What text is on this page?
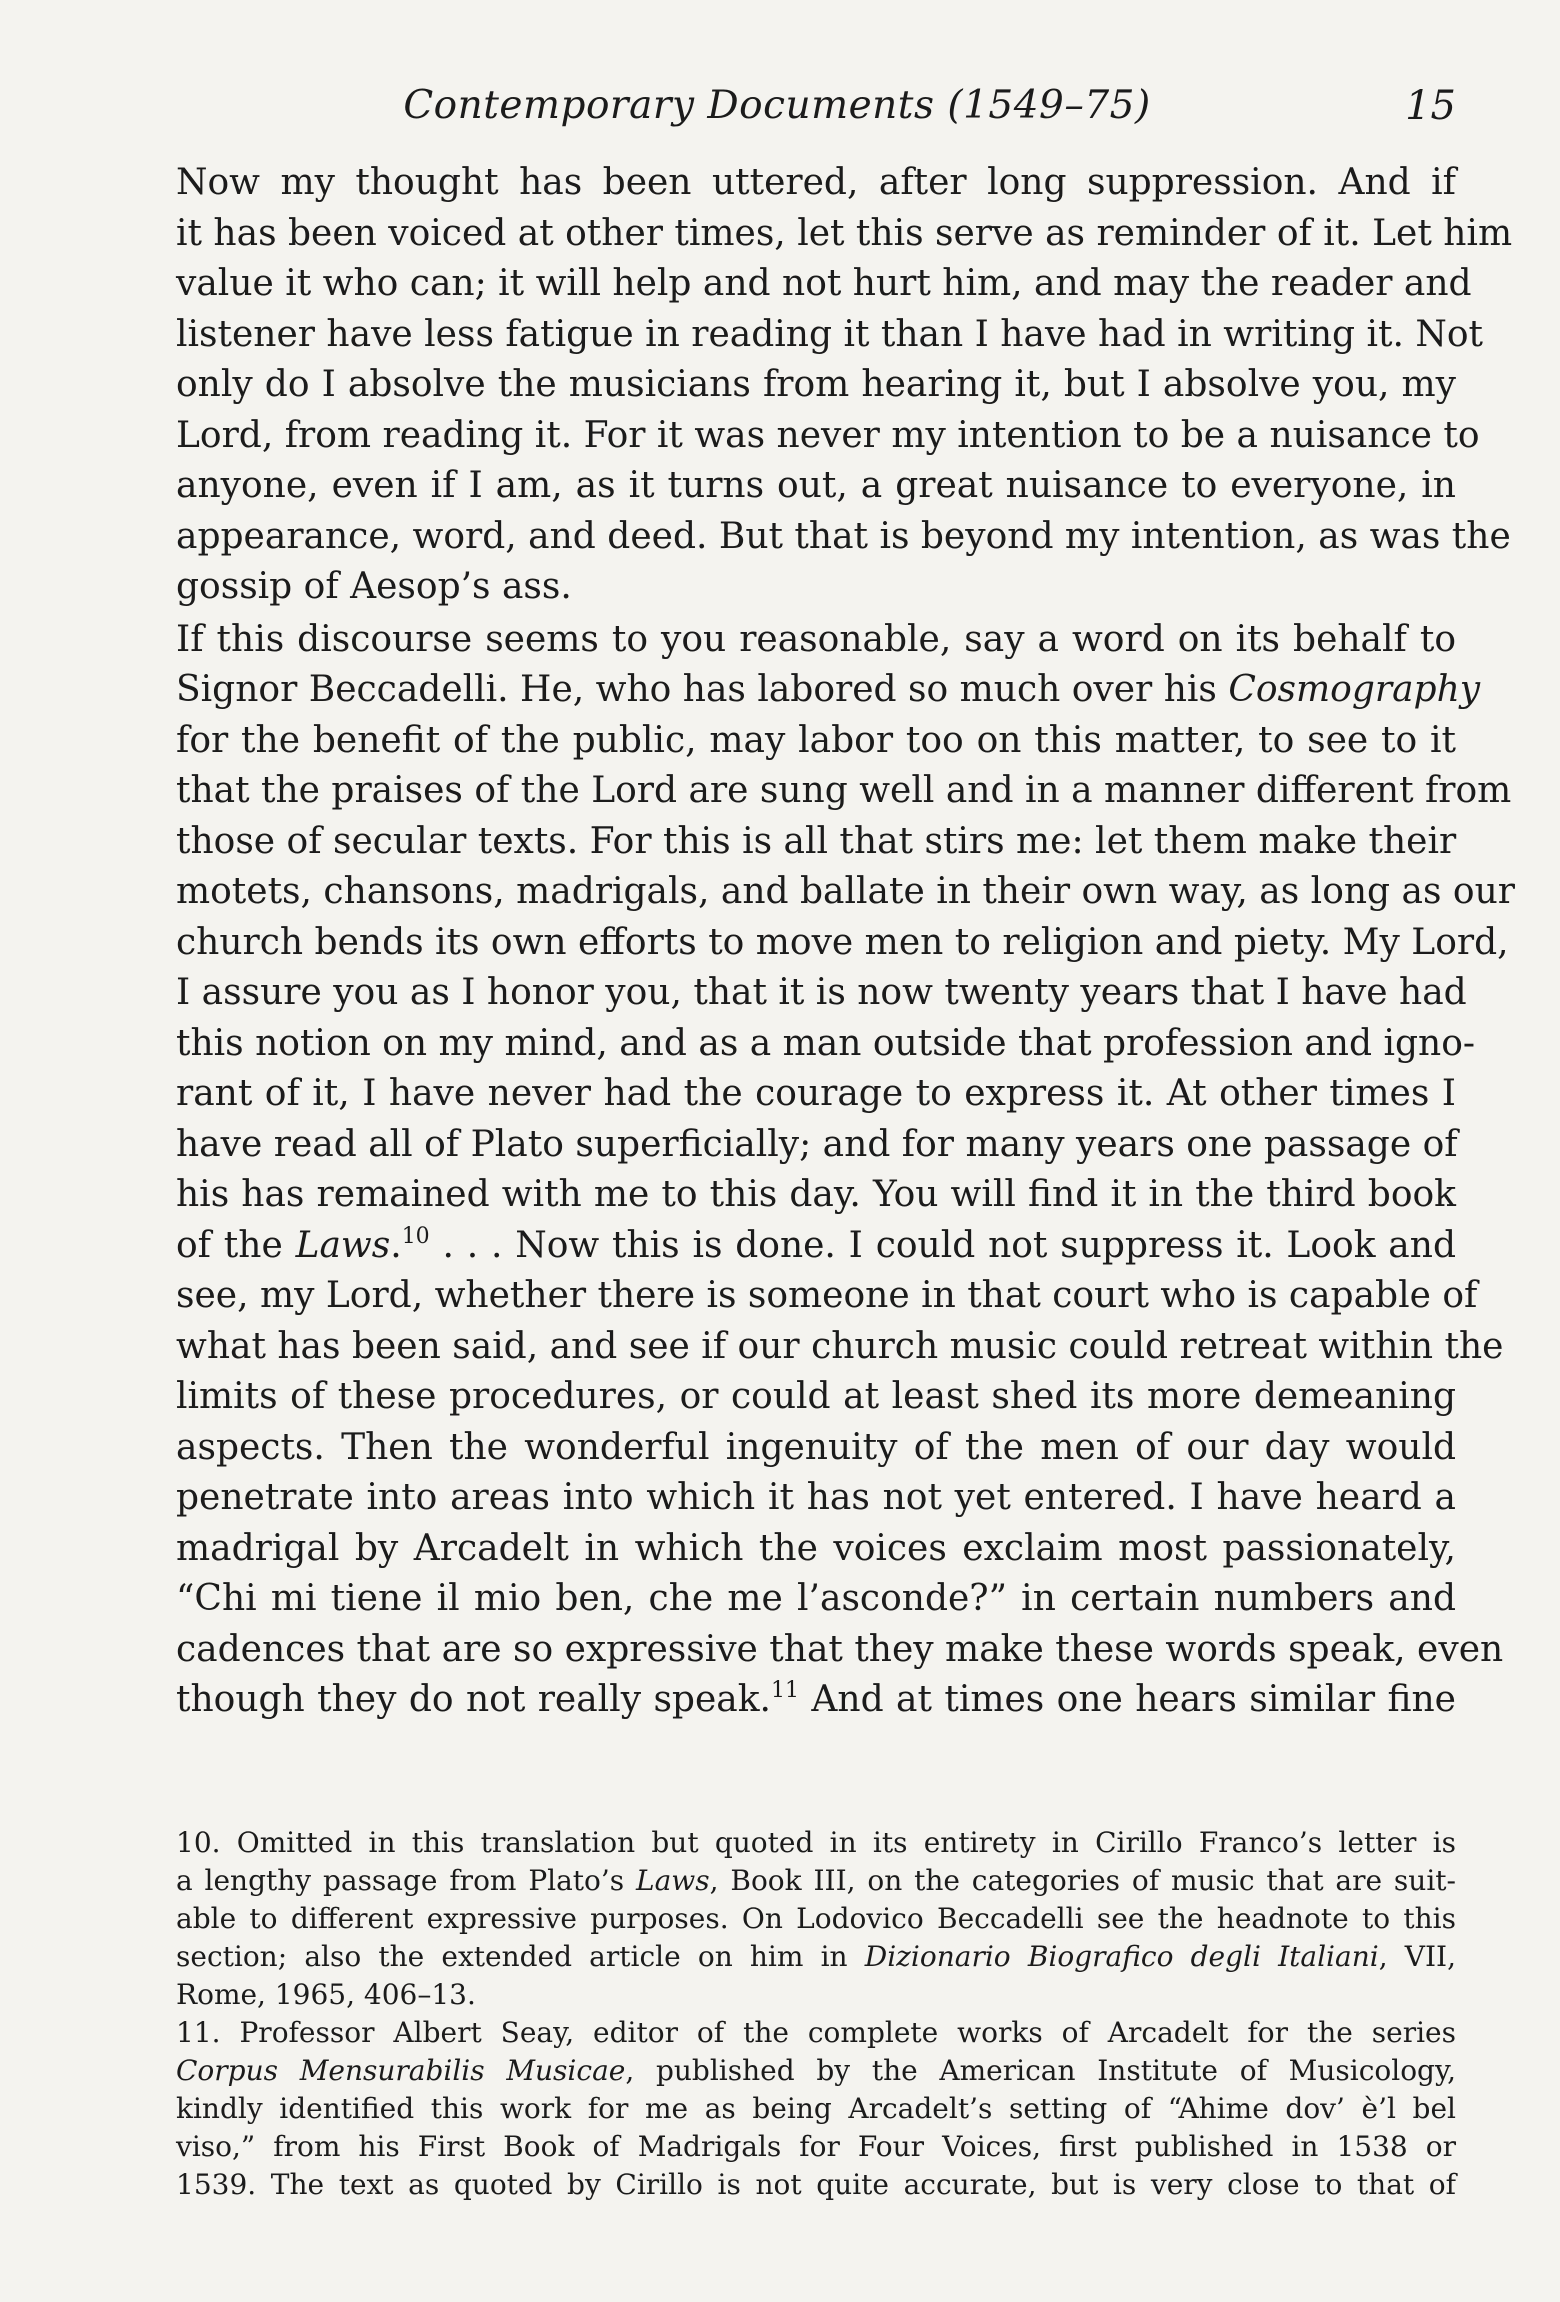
Contemporary Documents (1549–75)	15

Now my thought has been uttered, after long suppression. And if
it has been voiced at other times, let this serve as reminder of it. Let him
value it who can; it will help and not hurt him, and may the reader and
listener have less fatigue in reading it than I have had in writing it. Not
only do I absolve the musicians from hearing it, but I absolve you, my
Lord, from reading it. For it was never my intention to be a nuisance to
anyone, even if I am, as it turns out, a great nuisance to everyone, in
appearance, word, and deed. But that is beyond my intention, as was the
gossip of Aesop’s ass.

If this discourse seems to you reasonable, say a word on its behalf to
Signor Beccadelli. He, who has labored so much over his Cosmography
for the benefit of the public, may labor too on this matter, to see to it
that the praises of the Lord are sung well and in a manner different from
those of secular texts. For this is all that stirs me: let them make their
motets, chansons, madrigals, and ballate in their own way, as long as our
church bends its own efforts to move men to religion and piety. My Lord,
I assure you as I honor you, that it is now twenty years that I have had
this notion on my mind, and as a man outside that profession and igno-
rant of it, I have never had the courage to express it. At other times I
have read all of Plato superficially; and for many years one passage of
his has remained with me to this day. You will find it in the third book
of the Laws.$^{10}$ . . . Now this is done. I could not suppress it. Look and
see, my Lord, whether there is someone in that court who is capable of
what has been said, and see if our church music could retreat within the
limits of these procedures, or could at least shed its more demeaning
aspects. Then the wonderful ingenuity of the men of our day would
penetrate into areas into which it has not yet entered. I have heard a
madrigal by Arcadelt in which the voices exclaim most passionately,
“Chi mi tiene il mio ben, che me l’asconde?” in certain numbers and
cadences that are so expressive that they make these words speak, even
though they do not really speak.$^{11}$ And at times one hears similar fine

10. Omitted in this translation but quoted in its entirety in Cirillo Franco’s letter is
a lengthy passage from Plato’s Laws, Book III, on the categories of music that are suit-
able to different expressive purposes. On Lodovico Beccadelli see the headnote to this
section; also the extended article on him in Dizionario Biografico degli Italiani, VII,
Rome, 1965, 406–13.

11. Professor Albert Seay, editor of the complete works of Arcadelt for the series
Corpus Mensurabilis Musicae, published by the American Institute of Musicology,
kindly identified this work for me as being Arcadelt’s setting of “Ahime dov’ è’l bel
viso,” from his First Book of Madrigals for Four Voices, first published in 1538 or
1539. The text as quoted by Cirillo is not quite accurate, but is very close to that of
